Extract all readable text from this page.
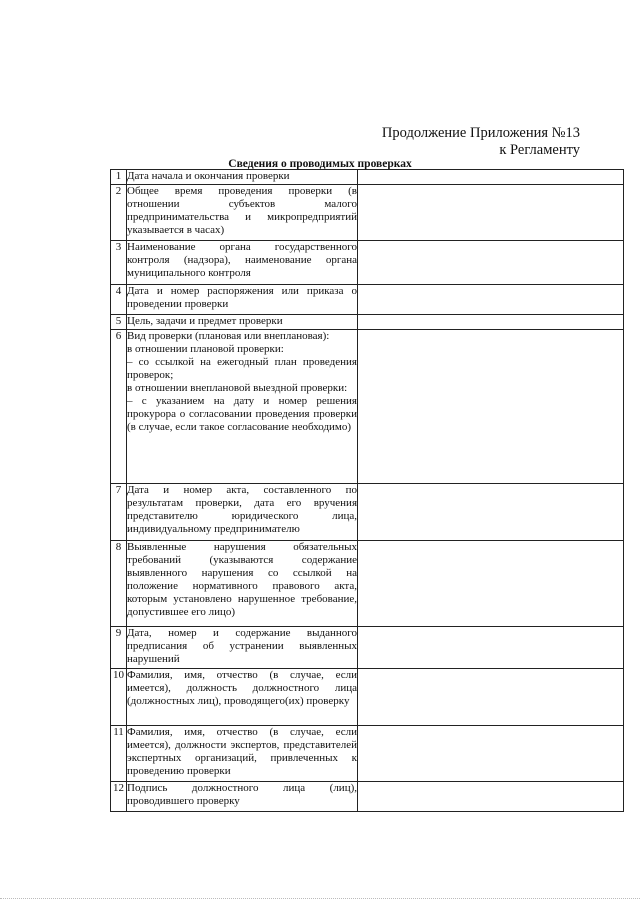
Продолжение Приложения №13
к Регламенту
Сведения о проводимых проверках
1	Дата начала и окончания проверки	
2	Общее время проведения проверки (в отношении субъектов малого предпринимательства и микропредприятий указывается в часах)	
3	Наименование органа государственного контроля (надзора), наименование органа муниципального контроля	
4	Дата и номер распоряжения или приказа о проведении проверки	
5	Цель, задачи и предмет проверки	
6	Вид проверки (плановая или внеплановая):
в отношении плановой проверки:
– со ссылкой на ежегодный план проведения проверок;
в отношении внеплановой выездной проверки:
– с указанием на дату и номер решения прокурора о согласовании проведения проверки (в случае, если такое согласование необходимо)	

7	Дата и номер акта, составленного по результатам проверки, дата его вручения представителю юридического лица, индивидуальному предпринимателю	
8	Выявленные нарушения обязательных требований (указываются содержание выявленного нарушения со ссылкой на положение нормативного правового акта, которым установлено нарушенное требование, допустившее его лицо)	
9	Дата, номер и содержание выданного предписания об устранении выявленных нарушений	
10	Фамилия, имя, отчество (в случае, если имеется), должность должностного лица (должностных лиц), проводящего(их) проверку	
11	Фамилия, имя, отчество (в случае, если имеется), должности экспертов, представителей экспертных организаций, привлеченных к проведению проверки	
12	Подпись должностного лица (лиц), проводившего проверку	
